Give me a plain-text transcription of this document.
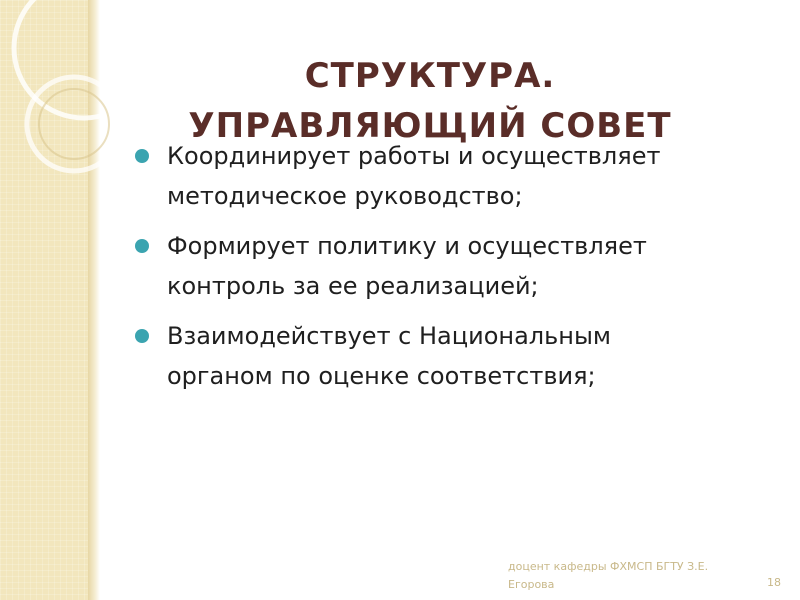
СТРУКТУРА.
УПРАВЛЯЮЩИЙ СОВЕТ
Координирует работы и осуществляет
методическое руководство;
Формирует политику и осуществляет
контроль за ее реализацией;
Взаимодействует с Национальным
органом по оценке соответствия;
доцент кафедры ФХМСП БГТУ З.Е. Егорова	18
